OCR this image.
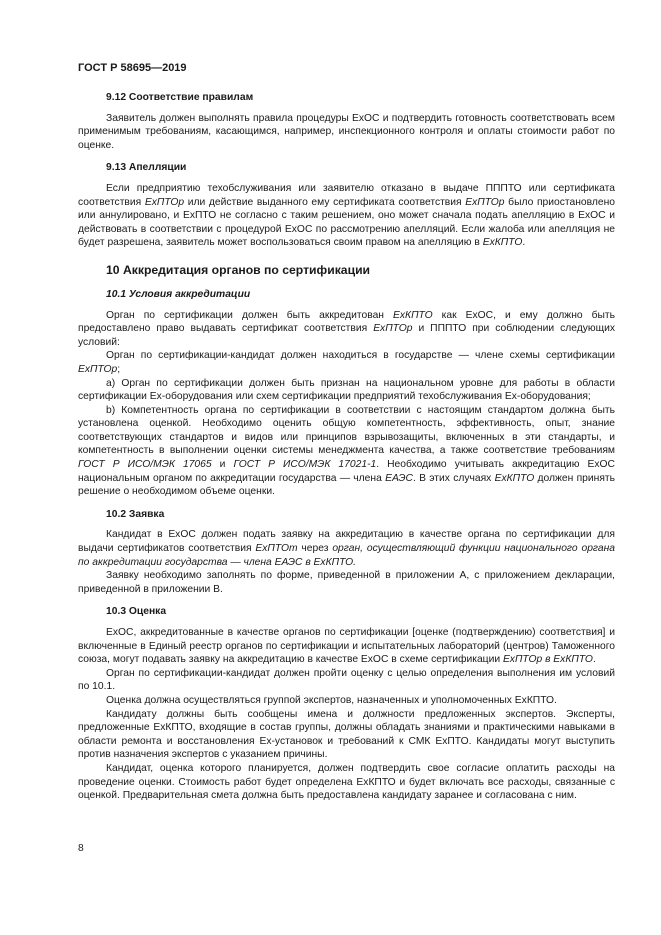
ГОСТ Р 58695—2019
9.12 Соответствие правилам

Заявитель должен выполнять правила процедуры ExOC и подтвердить готовность соответствовать всем применимым требованиям, касающимся, например, инспекционного контроля и оплаты стоимости работ по оценке.

9.13 Апелляции

Если предприятию техобслуживания или заявителю отказано в выдаче ПППТО или сертификата соответствия ExПТОр или действие выданного ему сертификата соответствия ExПТОр было приостановлено или аннулировано, и ExПТО не согласно с таким решением, оно может сначала подать апелляцию в ExOC и действовать в соответствии с процедурой ExOC по рассмотрению апелляций. Если жалоба или апелляция не будет разрешена, заявитель может воспользоваться своим правом на апелляцию в ExКПТО.

10 Аккредитация органов по сертификации
10.1 Условия аккредитации

Орган по сертификации должен быть аккредитован ExКПТО как ExOC, и ему должно быть предоставлено право выдавать сертификат соответствия ExПТОр и ПППТО при соблюдении следующих условий:

Орган по сертификации-кандидат должен находиться в государстве — члене схемы сертификации ExПТОр;

а) Орган по сертификации должен быть признан на национальном уровне для работы в области сертификации Ex-оборудования или схем сертификации предприятий техобслуживания Ex-оборудования;

b) Компетентность органа по сертификации в соответствии с настоящим стандартом должна быть установлена оценкой. Необходимо оценить общую компетентность, эффективность, опыт, знание соответствующих стандартов и видов или принципов взрывозащиты, включенных в эти стандарты, и компетентность в выполнении оценки системы менеджмента качества, а также соответствие требованиям ГОСТ Р ИСО/МЭК 17065 и ГОСТ Р ИСО/МЭК 17021-1. Необходимо учитывать аккредитацию ExOC национальным органом по аккредитации государства — члена ЕАЭС. В этих случаях ExКПТО должен принять решение о необходимом объеме оценки.

10.2 Заявка

Кандидат в ExOC должен подать заявку на аккредитацию в качестве органа по сертификации для выдачи сертификатов соответствия ExПТОт через орган, осуществляющий функции национального органа по аккредитации государства — члена ЕАЭС в ExКПТО.

Заявку необходимо заполнять по форме, приведенной в приложении А, с приложением декларации, приведенной в приложении В.

10.3 Оценка

ExOC, аккредитованные в качестве органов по сертификации [оценке (подтверждению) соответствия] и включенные в Единый реестр органов по сертификации и испытательных лабораторий (центров) Таможенного союза, могут подавать заявку на аккредитацию в качестве ExOC в схеме сертификации ExПТОр в ExКПТО.

Орган по сертификации-кандидат должен пройти оценку с целью определения выполнения им условий по 10.1.

Оценка должна осуществляться группой экспертов, назначенных и уполномоченных ExКПТО.

Кандидату должны быть сообщены имена и должности предложенных экспертов. Эксперты, предложенные ExКПТО, входящие в состав группы, должны обладать знаниями и практическими навыками в области ремонта и восстановления Ex-установок и требований к СМК ExПТО. Кандидаты могут выступить против назначения экспертов с указанием причины.

Кандидат, оценка которого планируется, должен подтвердить свое согласие оплатить расходы на проведение оценки. Стоимость работ будет определена ExКПТО и будет включать все расходы, связанные с оценкой. Предварительная смета должна быть предоставлена кандидату заранее и согласована с ним.

8
